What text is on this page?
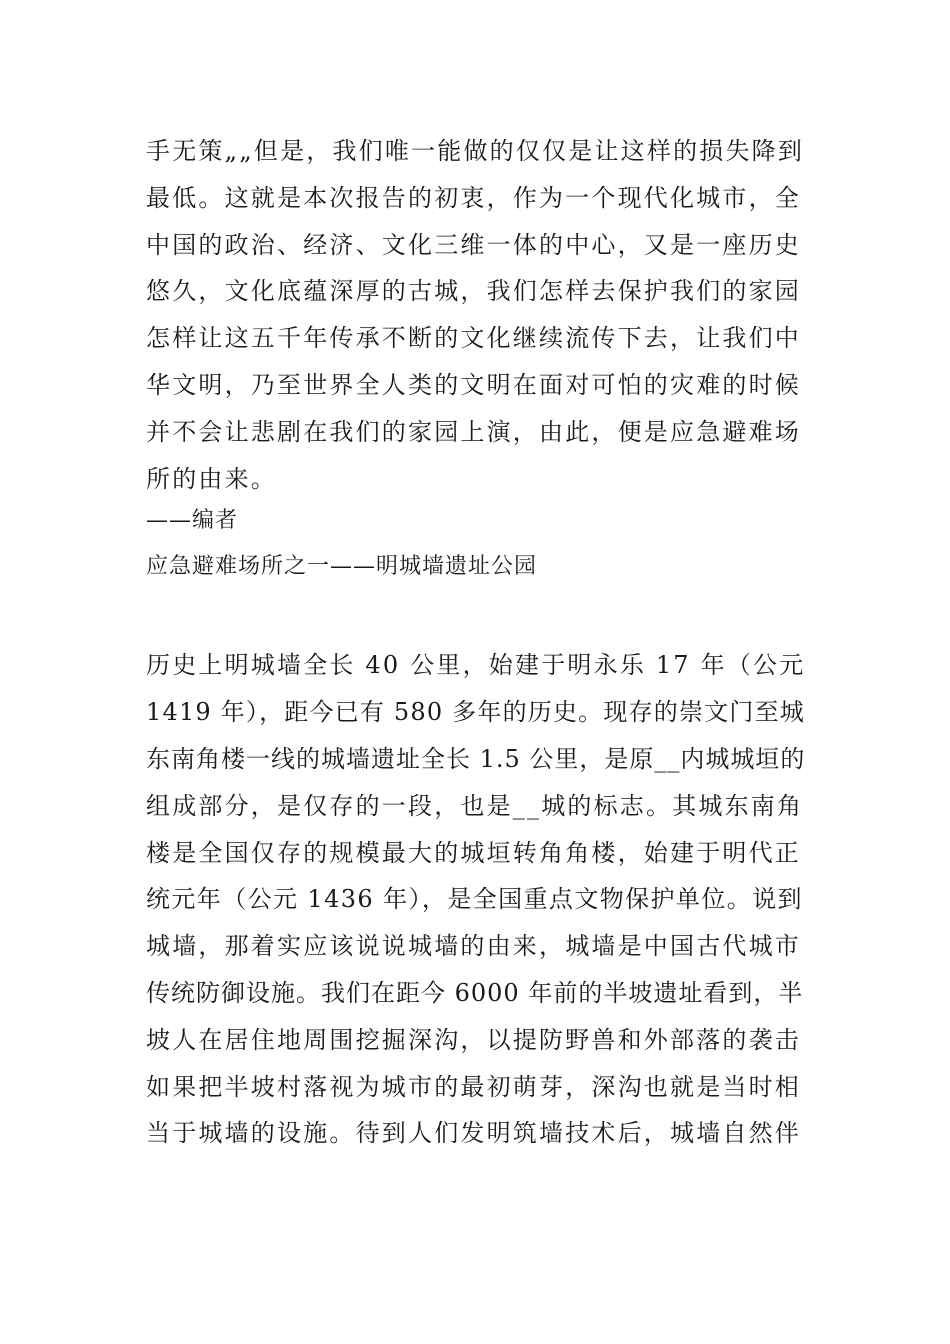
手无策„„但是，我们唯一能做的仅仅是让这样的损失降到
最低。这就是本次报告的初衷，作为一个现代化城市，全
中国的政治、经济、文化三维一体的中心，又是一座历史
悠久，文化底蕴深厚的古城，我们怎样去保护我们的家园
怎样让这五千年传承不断的文化继续流传下去，让我们中
华文明，乃至世界全人类的文明在面对可怕的灾难的时候
并不会让悲剧在我们的家园上演，由此，便是应急避难场
所的由来。

——编者

应急避难场所之一——明城墙遗址公园

历史上明城墙全长 40 公里，始建于明永乐 17 年（公元
1419 年），距今已有 580 多年的历史。现存的崇文门至城
东南角楼一线的城墙遗址全长 1.5 公里，是原__内城城垣的
组成部分，是仅存的一段，也是__城的标志。其城东南角
楼是全国仅存的规模最大的城垣转角角楼，始建于明代正
统元年（公元 1436 年），是全国重点文物保护单位。说到
城墙，那着实应该说说城墙的由来，城墙是中国古代城市
传统防御设施。我们在距今 6000 年前的半坡遗址看到，半
坡人在居住地周围挖掘深沟，以提防野兽和外部落的袭击
如果把半坡村落视为城市的最初萌芽，深沟也就是当时相
当于城墙的设施。待到人们发明筑墙技术后，城墙自然伴
